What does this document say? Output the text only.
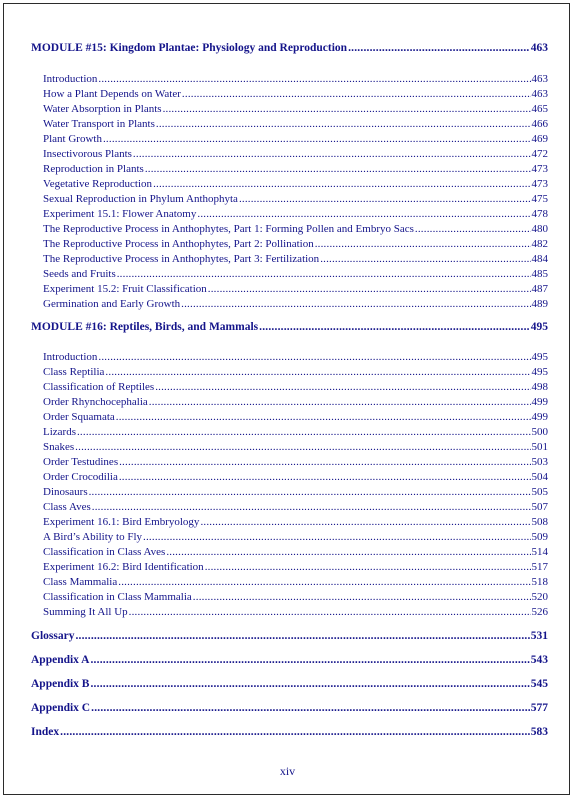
MODULE #15: Kingdom Plantae: Physiology and Reproduction .....	463
Introduction .....	463
How a Plant Depends on Water .....	463
Water Absorption in Plants .....	465
Water Transport in Plants .....	466
Plant Growth .....	469
Insectivorous Plants .....	472
Reproduction in Plants .....	473
Vegetative Reproduction .....	473
Sexual Reproduction in Phylum Anthophyta .....	475
Experiment 15.1: Flower Anatomy .....	478
The Reproductive Process in Anthophytes, Part 1: Forming Pollen and Embryo Sacs .....	480
The Reproductive Process in Anthophytes, Part 2: Pollination .....	482
The Reproductive Process in Anthophytes, Part 3: Fertilization .....	484
Seeds and Fruits .....	485
Experiment 15.2: Fruit Classification .....	487
Germination and Early Growth .....	489
MODULE #16: Reptiles, Birds, and Mammals .....	495
Introduction .....	495
Class Reptilia .....	495
Classification of Reptiles .....	498
Order Rhynchocephalia .....	499
Order Squamata .....	499
Lizards .....	500
Snakes .....	501
Order Testudines .....	503
Order Crocodilia .....	504
Dinosaurs .....	505
Class Aves .....	507
Experiment 16.1: Bird Embryology .....	508
A Bird’s Ability to Fly .....	509
Classification in Class Aves .....	514
Experiment 16.2: Bird Identification .....	517
Class Mammalia .....	518
Classification in Class Mammalia .....	520
Summing It All Up .....	526
Glossary .....	531
Appendix A .....	543
Appendix B .....	545
Appendix C .....	577
Index .....	583
xiv
